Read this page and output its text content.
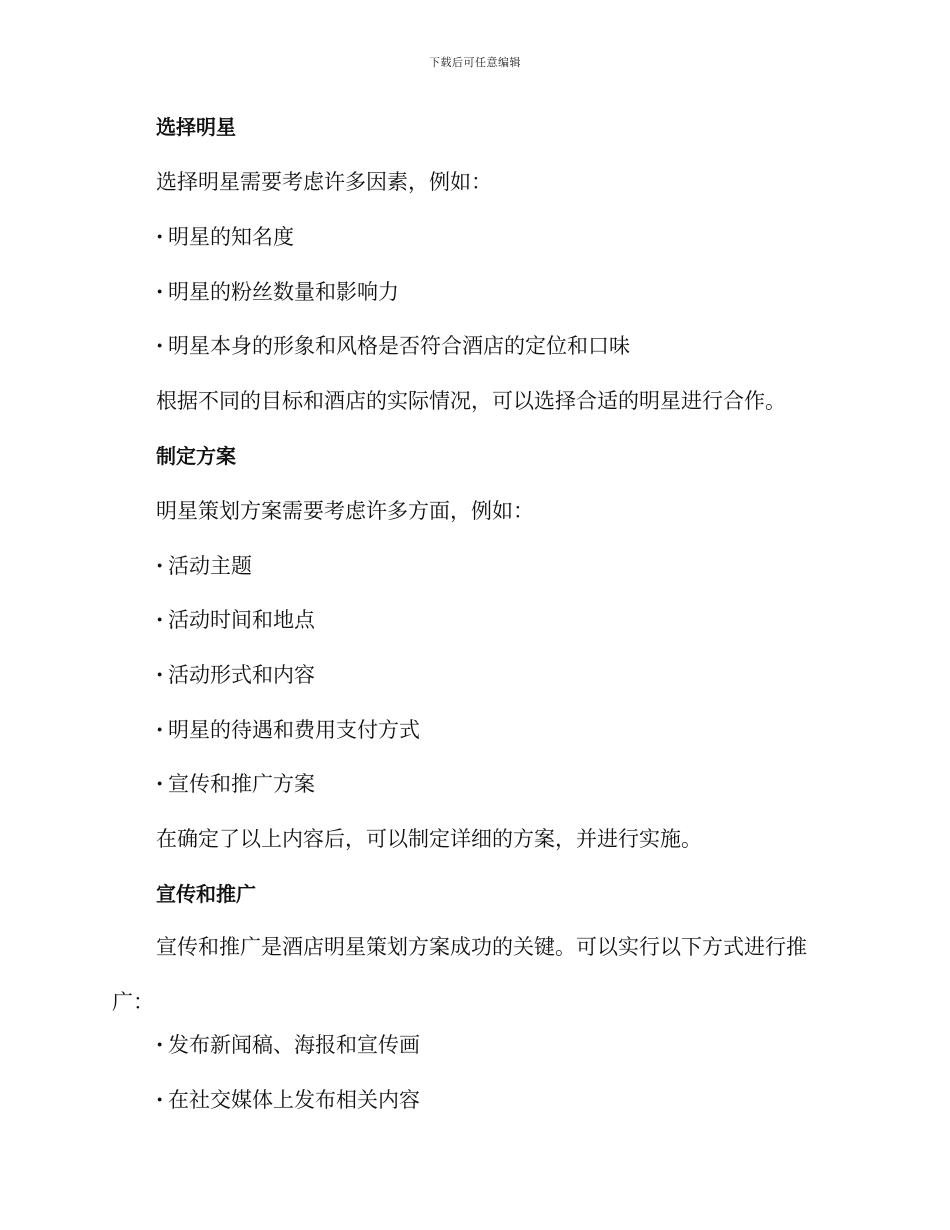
下载后可任意编辑
选择明星
选择明星需要考虑许多因素，例如：
· 明星的知名度
· 明星的粉丝数量和影响力
· 明星本身的形象和风格是否符合酒店的定位和口味
根据不同的目标和酒店的实际情况，可以选择合适的明星进行合作。
制定方案
明星策划方案需要考虑许多方面，例如：
· 活动主题
· 活动时间和地点
· 活动形式和内容
· 明星的待遇和费用支付方式
· 宣传和推广方案
在确定了以上内容后，可以制定详细的方案，并进行实施。
宣传和推广
宣传和推广是酒店明星策划方案成功的关键。可以实行以下方式进行推广：
· 发布新闻稿、海报和宣传画
· 在社交媒体上发布相关内容
